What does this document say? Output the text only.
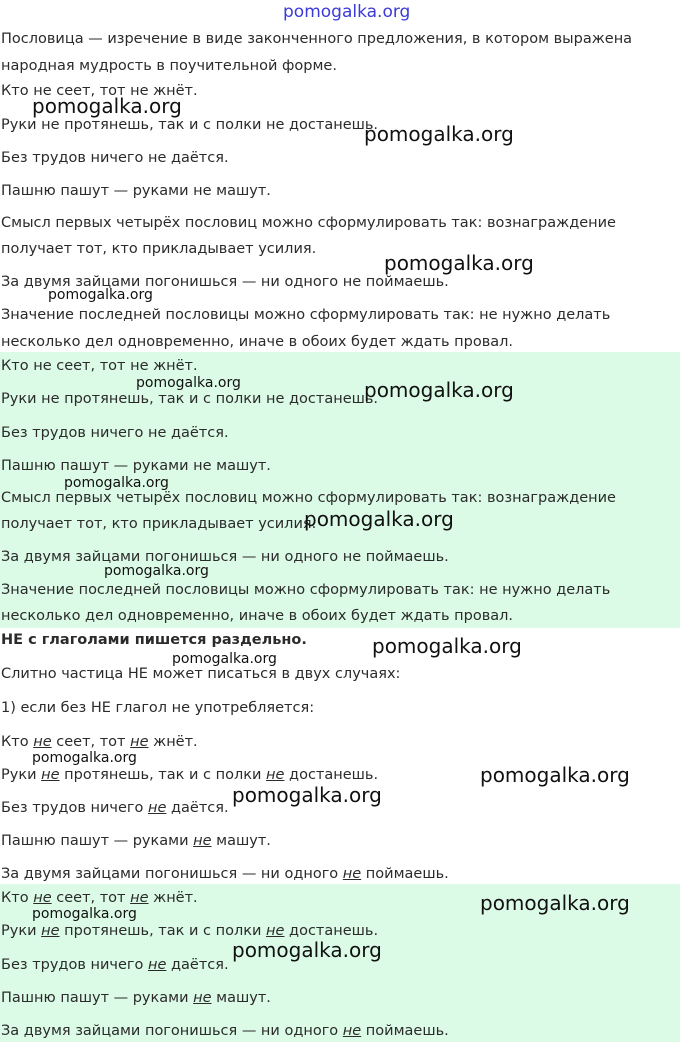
pomogalka.org
Пословица — изречение в виде законченного предложения, в котором выражена
народная мудрость в поучительной форме.
Кто не сеет, тот не жнёт.
Руки не протянешь, так и с полки не достанешь.
Без трудов ничего не даётся.
Пашню пашут — руками не машут.
Смысл первых четырёх пословиц можно сформулировать так: вознаграждение
получает тот, кто прикладывает усилия.
За двумя зайцами погонишься — ни одного не поймаешь.
Значение последней пословицы можно сформулировать так: не нужно делать
несколько дел одновременно, иначе в обоих будет ждать провал.
Кто не сеет, тот не жнёт.
Руки не протянешь, так и с полки не достанешь.
Без трудов ничего не даётся.
Пашню пашут — руками не машут.
Смысл первых четырёх пословиц можно сформулировать так: вознаграждение
получает тот, кто прикладывает усилия.
За двумя зайцами погонишься — ни одного не поймаешь.
Значение последней пословицы можно сформулировать так: не нужно делать
несколько дел одновременно, иначе в обоих будет ждать провал.
НЕ с глаголами пишется раздельно.
Слитно частица НЕ может писаться в двух случаях:
1) если без НЕ глагол не употребляется:
Кто не сеет, тот не жнёт.
Руки не протянешь, так и с полки не достанешь.
Без трудов ничего не даётся.
Пашню пашут — руками не машут.
За двумя зайцами погонишься — ни одного не поймаешь.
Кто не сеет, тот не жнёт.
Руки не протянешь, так и с полки не достанешь.
Без трудов ничего не даётся.
Пашню пашут — руками не машут.
За двумя зайцами погонишься — ни одного не поймаешь.
pomogalka.org
pomogalka.org
pomogalka.org
pomogalka.org
pomogalka.org	pomogalka.org
pomogalka.org
pomogalka.org
pomogalka.org
pomogalka.org
pomogalka.org
pomogalka.org
pomogalka.org
pomogalka.org
pomogalka.org
pomogalka.org
pomogalka.org
